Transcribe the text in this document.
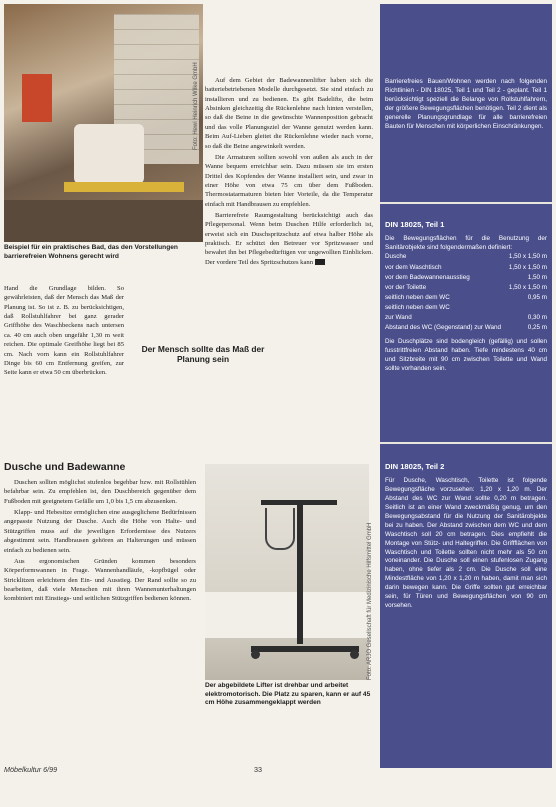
Foto: Hewi Heinrich Wilke GmbH
Beispiel für ein praktisches Bad, das den Vorstellungen barrierefreien Wohnens gerecht wird

Hand die Grundlage bilden. So gewährleisten, daß der Mensch das Maß der Planung ist. So ist z. B. zu berücksichtigen, daß Rollstuhlfahrer bei ganz gerader Griffhöhe des Waschbeckens nach untersen ca. 40 cm auch oben ungefähr 1,30 m weit reichen. Die optimale Greifhöhe liegt bei 85 cm. Nach vorn kann ein Rollstuhlfahrer Dinge bis 60 cm Entfernung greifen, zur Seite kann er etwa 50 cm überbrücken.

Der Mensch sollte das Maß der Planung sein
Dusche und Badewanne

Duschen sollten möglichst stufenlos begehbar bzw. mit Rollstühlen befahrbar sein. Zu empfehlen ist, den Duschbereich gegenüber dem Fußboden mit geeignetem Gefälle um 1,0 bis 1,5 cm abzusenken.

Klapp- und Hebesitze ermöglichen eine ausgeglichene Bedürfnissen angepasste Nutzung der Dusche. Auch die Höhe von Halte- und Stützgriffen muss auf die jeweiligen Erfordernisse des Nutzers abgestimmt sein. Handbrausen gehören an Halterungen und müssen einfach zu bedienen sein.

Aus ergonomischen Gründen kommen besonders Körperformwannen in Frage. Wannenhandläufe, -kopfbügel oder Stricklitzen erleichtern den Ein- und Ausstieg. Der Rand sollte so zu bearbeiten, daß viele Menschen mit ihren Wannenunterhaltungen kombiniert mit Einstiegs- und seitlichen Stützgriffen bedienen können.

Auf dem Gebiet der Badewannenlifter haben sich die batteriebetriebenen Modelle durchgesetzt. Sie sind einfach zu installieren und zu bedienen. Es gibt Badelifte, die beim Absinken gleichzeitig die Rückenlehne nach hinten verstellen, so daß die Beine in die gewünschte Wannenposition gebracht und das volle Planungsziel der Wanne genutzt werden kann. Beim Auf-Lieben gleitet die Rückenlehne wieder nach vorne, so daß die Beine angewinkelt werden.

Die Armaturen sollten sowohl von außen als auch in der Wanne bequem erreichbar sein. Dazu müssen sie im ersten Drittel des Kopfendes der Wanne installiert sein, und zwar in einer Höhe von etwa 75 cm über dem Fußboden. Thermostatarmaturen bieten hier Vorteile, da die Temperatur einfach mit Handbrausen zu empfehlen.

Barrierefreie Raumgestaltung berücksichtigt auch das Pflegepersonal. Wenn beim Duschen Hilfe erforderlich ist, erweist sich ein Duschspritzschutz auf etwa halber Höhe als praktisch. Er schützt den Betreuer vor Spritzwasser und bewahrt ihn bei Pflegebedürftigen vor ungewollten Einblicken. Der vordere Teil des Spritzschutzes kann

Foto: ARJO Gesellschaft für Medizinische Hilfsmittel GmbH
Der abgebildete Lifter ist drehbar und arbeitet elektromotorisch. Die Platz zu sparen, kann er auf 45 cm Höhe zusammengeklappt werden

Barrierefreies Bauen/Wohnen werden nach folgenden Richtlinien - DIN 18025, Teil 1 und Teil 2 - geplant. Teil 1 berücksichtigt speziell die Belange von Rollstuhlfahrern, der größere Bewegungsflächen benötigen. Teil 2 dient als generelle Planungsgrundlage für alle barrierefreien Bauten für Menschen mit körperlichen Einschränkungen.

DIN 18025, Teil 1

Die Bewegungsflächen für die Benutzung der Sanitärobjekte sind folgendermaßen definiert:

Dusche	1,50 x 1,50 m
vor dem Waschtisch	1,50 x 1,50 m
vor dem Badewannenausstieg	1,50 m
vor der Toilette	1,50 x 1,50 m
seitlich neben dem WC	0,95 m
seitlich neben dem WC	
zur Wand	0,30 m
Abstand des WC (Gegenstand) zur Wand	0,25 m

Die Duschplätze sind bodengleich (gefällig) und sollen fusstrittfreien Abstand haben. Tiefe mindestens 40 cm und Sitzbreite mit 90 cm zwischen Toilette und Wand sollte vorhanden sein.

DIN 18025, Teil 2

Für Dusche, Waschtisch, Toilette ist folgende Bewegungsfläche vorzusehen: 1,20 x 1,20 m. Der Abstand des WC zur Wand sollte 0,20 m betragen. Seitlich ist an einer Wand zweckmäßig genug, um den Bewegungsabstand für die Nutzung der Sanitärobjekte bei zu haben. Der Abstand zwischen dem WC und dem Waschtisch soll 20 cm betragen. Dies empfiehlt die Montage von Stütz- und Haltegriffen. Die Griffflächen von Waschtisch und Toilette sollten nicht mehr als 50 cm voneinander. Die Dusche soll einen stufenlosen Zugang haben, ohne tiefer als 2 cm. Die Dusche soll eine Mindestfläche von 1,20 x 1,20 m haben, damit man sich darin bewegen kann. Die Griffe sollten gut erreichbar sein, für Türen und Bewegungsflächen von 90 cm vorsehen.

Möbelkultur 6/99	33
